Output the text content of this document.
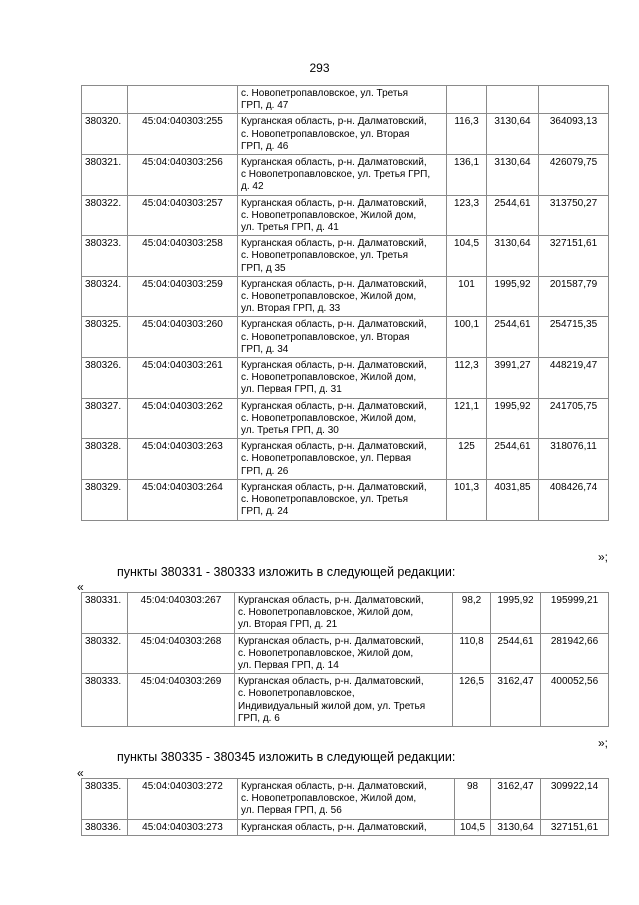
293

		с. Новопетропавловское, ул. Третья
ГРП, д. 47			

380320.	45:04:040303:255	Курганская область, р-н. Далматовский,
с. Новопетропавловское, ул. Вторая
ГРП, д. 46	116,3	3130,64	364093,13
380321.	45:04:040303:256	Курганская область, р-н. Далматовский,
с Новопетропавловское, ул. Третья ГРП,
д. 42	136,1	3130,64	426079,75
380322.	45:04:040303:257	Курганская область, р-н. Далматовский,
с. Новопетропавловское, Жилой дом,
ул. Третья ГРП, д. 41	123,3	2544,61	313750,27
380323.	45:04:040303:258	Курганская область, р-н. Далматовский,
с. Новопетропавловское, ул. Третья
ГРП, д 35	104,5	3130,64	327151,61
380324.	45:04:040303:259	Курганская область, р-н. Далматовский,
с. Новопетропавловское, Жилой дом,
ул. Вторая ГРП, д. 33	101	1995,92	201587,79
380325.	45:04:040303:260	Курганская область, р-н. Далматовский,
с. Новопетропавловское, ул. Вторая
ГРП, д. 34	100,1	2544,61	254715,35
380326.	45:04:040303:261	Курганская область, р-н. Далматовский,
с. Новопетропавловское, Жилой дом,
ул. Первая ГРП, д. 31	112,3	3991,27	448219,47
380327.	45:04:040303:262	Курганская область, р-н. Далматовский,
с. Новопетропавловское, Жилой дом,
ул. Третья ГРП, д. 30	121,1	1995,92	241705,75
380328.	45:04:040303:263	Курганская область, р-н. Далматовский,
с. Новопетропавловское, ул. Первая
ГРП, д. 26	125	2544,61	318076,11
380329.	45:04:040303:264	Курганская область, р-н. Далматовский,
с. Новопетропавловское, ул. Третья
ГРП, д. 24	101,3	4031,85	408426,74
»;
пункты 380331 - 380333 изложить в следующей редакции:
«
380331.	45:04:040303:267	Курганская область, р-н. Далматовский,
с. Новопетропавловское, Жилой дом,
ул. Вторая ГРП, д. 21	98,2	1995,92	195999,21
380332.	45:04:040303:268	Курганская область, р-н. Далматовский,
с. Новопетропавловское, Жилой дом,
ул. Первая ГРП, д. 14	110,8	2544,61	281942,66
380333.	45:04:040303:269	Курганская область, р-н. Далматовский,
с. Новопетропавловское,
Индивидуальный жилой дом, ул. Третья
ГРП, д. 6	126,5	3162,47	400052,56
»;
пункты 380335 - 380345 изложить в следующей редакции:
«
380335.	45:04:040303:272	Курганская область, р-н. Далматовский,
с. Новопетропавловское, Жилой дом,
ул. Первая ГРП, д. 56	98	3162,47	309922,14
380336.	45:04:040303:273	Курганская область, р-н. Далматовский,	104,5	3130,64	327151,61
